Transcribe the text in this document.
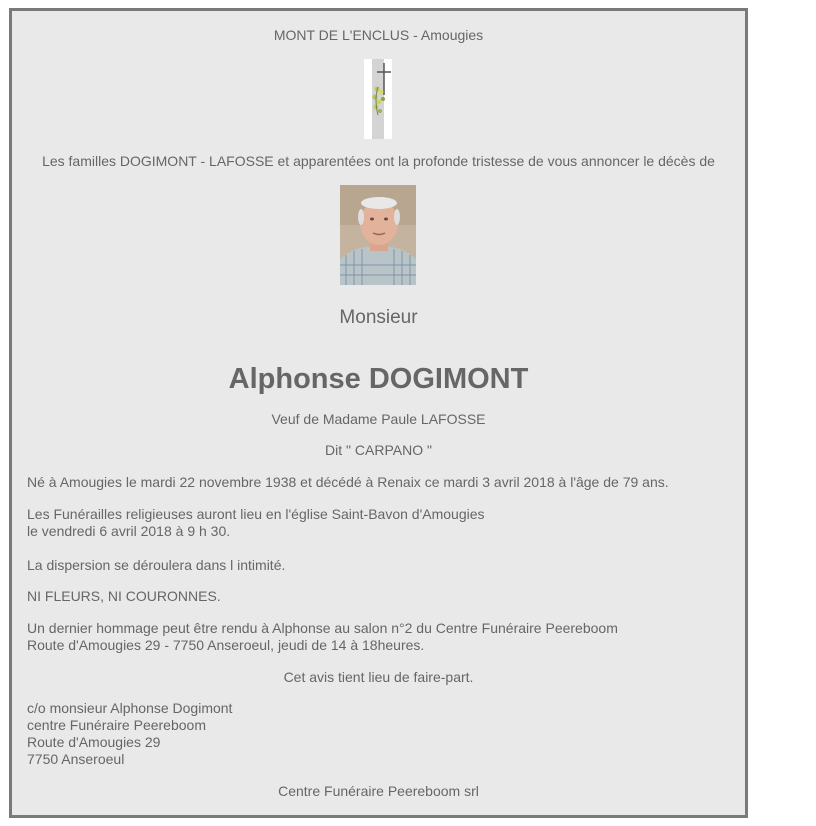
MONT DE L'ENCLUS - Amougies
Les familles DOGIMONT - LAFOSSE et apparentées ont la profonde tristesse de vous annoncer le décès de
Monsieur
Alphonse DOGIMONT
Veuf de Madame Paule LAFOSSE
Dit " CARPANO "
Né à Amougies le mardi 22 novembre 1938 et décédé à Renaix ce mardi 3 avril 2018 à l'âge de 79 ans.
Les Funérailles religieuses auront lieu en l'église Saint-Bavon d'Amougies
le vendredi 6 avril 2018 à 9 h 30.
La dispersion se déroulera dans l intimité.
NI FLEURS, NI COURONNES.
Un dernier hommage peut être rendu à Alphonse au salon n°2 du Centre Funéraire Peereboom
Route d'Amougies 29 - 7750 Anseroeul, jeudi de 14 à 18heures.
Cet avis tient lieu de faire-part.
c/o monsieur Alphonse Dogimont
centre Funéraire Peereboom
Route d'Amougies 29
7750 Anseroeul
Centre Funéraire Peereboom srl
